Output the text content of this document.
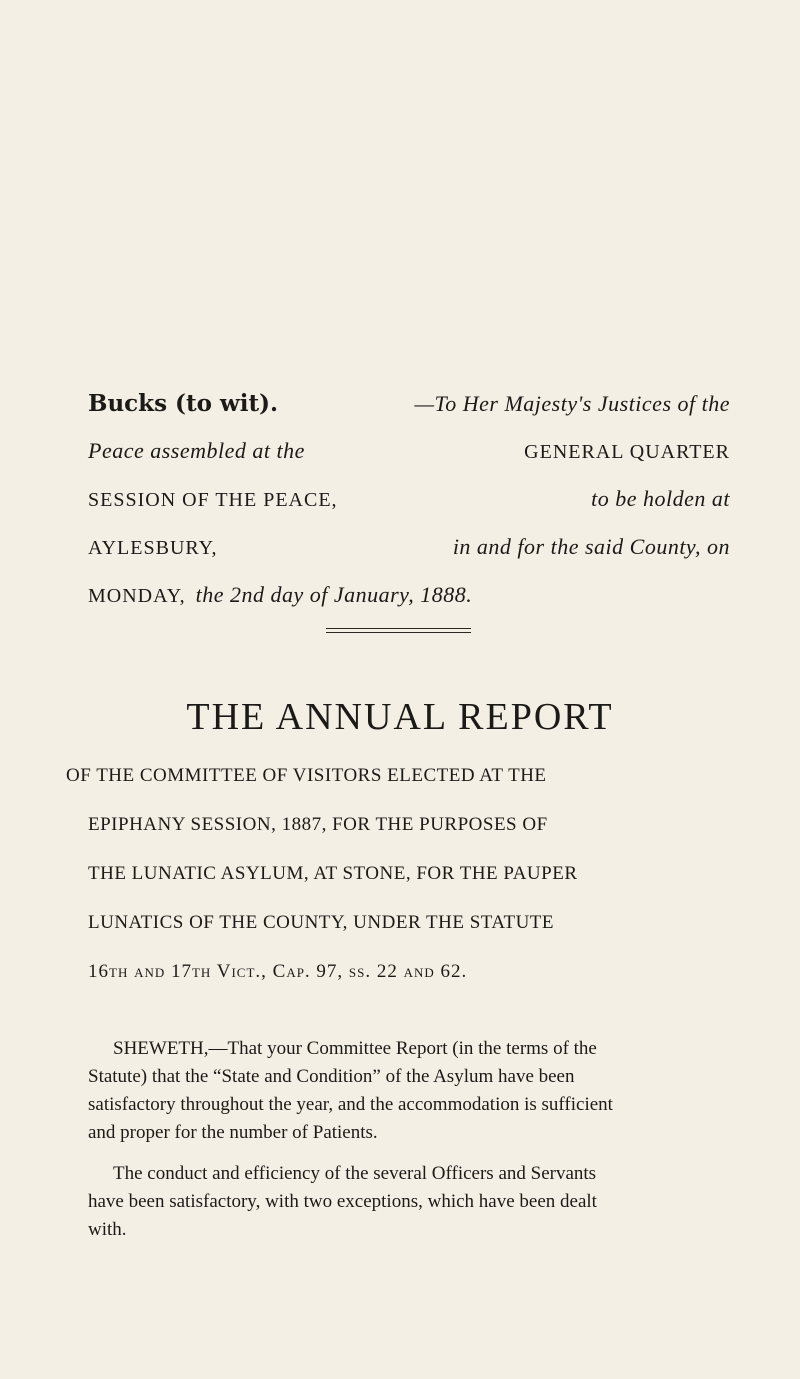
Bucks (to wit).	—To Her Majesty's Justices of the
Peace assembled at the	GENERAL QUARTER
SESSION OF THE PEACE,	to be holden at
AYLESBURY,	in and for the said County, on
MONDAY, the 2nd day of January, 1888.
THE ANNUAL REPORT
OF THE COMMITTEE OF VISITORS ELECTED AT THE
EPIPHANY SESSION, 1887, FOR THE PURPOSES OF
THE LUNATIC ASYLUM, AT STONE, FOR THE PAUPER
LUNATICS OF THE COUNTY, UNDER THE STATUTE
16th and 17th Vict., Cap. 97, ss. 22 and 62.
SHEWETH,—That your Committee Report (in the terms of the
Statute) that the “State and Condition” of the Asylum have been
satisfactory throughout the year, and the accommodation is sufficient
and proper for the number of Patients.
The conduct and efficiency of the several Officers and Servants
have been satisfactory, with two exceptions, which have been dealt
with.
